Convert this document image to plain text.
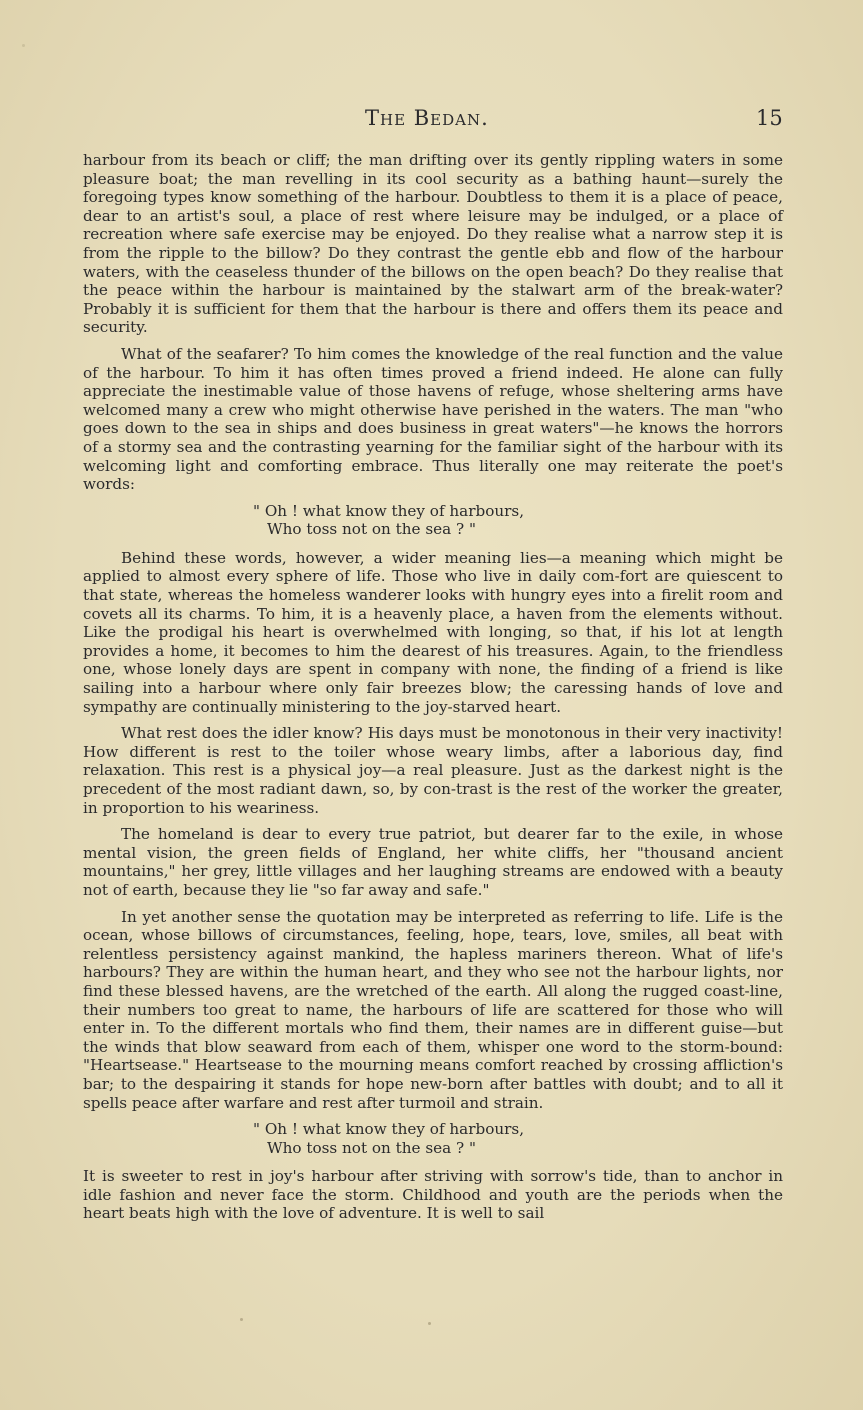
The Bedan.	15

harbour from its beach or cliff; the man drifting over its gently rippling waters in some pleasure boat; the man revelling in its cool security as a bathing haunt—surely the foregoing types know something of the harbour. Doubtless to them it is a place of peace, dear to an artist's soul, a place of rest where leisure may be indulged, or a place of recreation where safe exercise may be enjoyed. Do they realise what a narrow step it is from the ripple to the billow? Do they contrast the gentle ebb and flow of the harbour waters, with the ceaseless thunder of the billows on the open beach? Do they realise that the peace within the harbour is maintained by the stalwart arm of the break-water? Probably it is sufficient for them that the harbour is there and offers them its peace and security.

What of the seafarer? To him comes the knowledge of the real function and the value of the harbour. To him it has often times proved a friend indeed. He alone can fully appreciate the inestimable value of those havens of refuge, whose sheltering arms have welcomed many a crew who might otherwise have perished in the waters. The man "who goes down to the sea in ships and does business in great waters"—he knows the horrors of a stormy sea and the contrasting yearning for the familiar sight of the harbour with its welcoming light and comforting embrace. Thus literally one may reiterate the poet's words:

" Oh ! what know they of harbours,
Who toss not on the sea ? "

Behind these words, however, a wider meaning lies—a meaning which might be applied to almost every sphere of life. Those who live in daily com-fort are quiescent to that state, whereas the homeless wanderer looks with hungry eyes into a firelit room and covets all its charms. To him, it is a heavenly place, a haven from the elements without. Like the prodigal his heart is overwhelmed with longing, so that, if his lot at length provides a home, it becomes to him the dearest of his treasures. Again, to the friendless one, whose lonely days are spent in company with none, the finding of a friend is like sailing into a harbour where only fair breezes blow; the caressing hands of love and sympathy are continually ministering to the joy-starved heart.

What rest does the idler know? His days must be monotonous in their very inactivity! How different is rest to the toiler whose weary limbs, after a laborious day, find relaxation. This rest is a physical joy—a real pleasure. Just as the darkest night is the precedent of the most radiant dawn, so, by con-trast is the rest of the worker the greater, in proportion to his weariness.

The homeland is dear to every true patriot, but dearer far to the exile, in whose mental vision, the green fields of England, her white cliffs, her "thousand ancient mountains," her grey, little villages and her laughing streams are endowed with a beauty not of earth, because they lie "so far away and safe."

In yet another sense the quotation may be interpreted as referring to life. Life is the ocean, whose billows of circumstances, feeling, hope, tears, love, smiles, all beat with relentless persistency against mankind, the hapless mariners thereon. What of life's harbours? They are within the human heart, and they who see not the harbour lights, nor find these blessed havens, are the wretched of the earth. All along the rugged coast-line, their numbers too great to name, the harbours of life are scattered for those who will enter in. To the different mortals who find them, their names are in different guise—but the winds that blow seaward from each of them, whisper one word to the storm-bound: "Heartsease." Heartsease to the mourning means comfort reached by crossing affliction's bar; to the despairing it stands for hope new-born after battles with doubt; and to all it spells peace after warfare and rest after turmoil and strain.

" Oh ! what know they of harbours,
Who toss not on the sea ? "

It is sweeter to rest in joy's harbour after striving with sorrow's tide, than to anchor in idle fashion and never face the storm. Childhood and youth are the periods when the heart beats high with the love of adventure. It is well to sail
